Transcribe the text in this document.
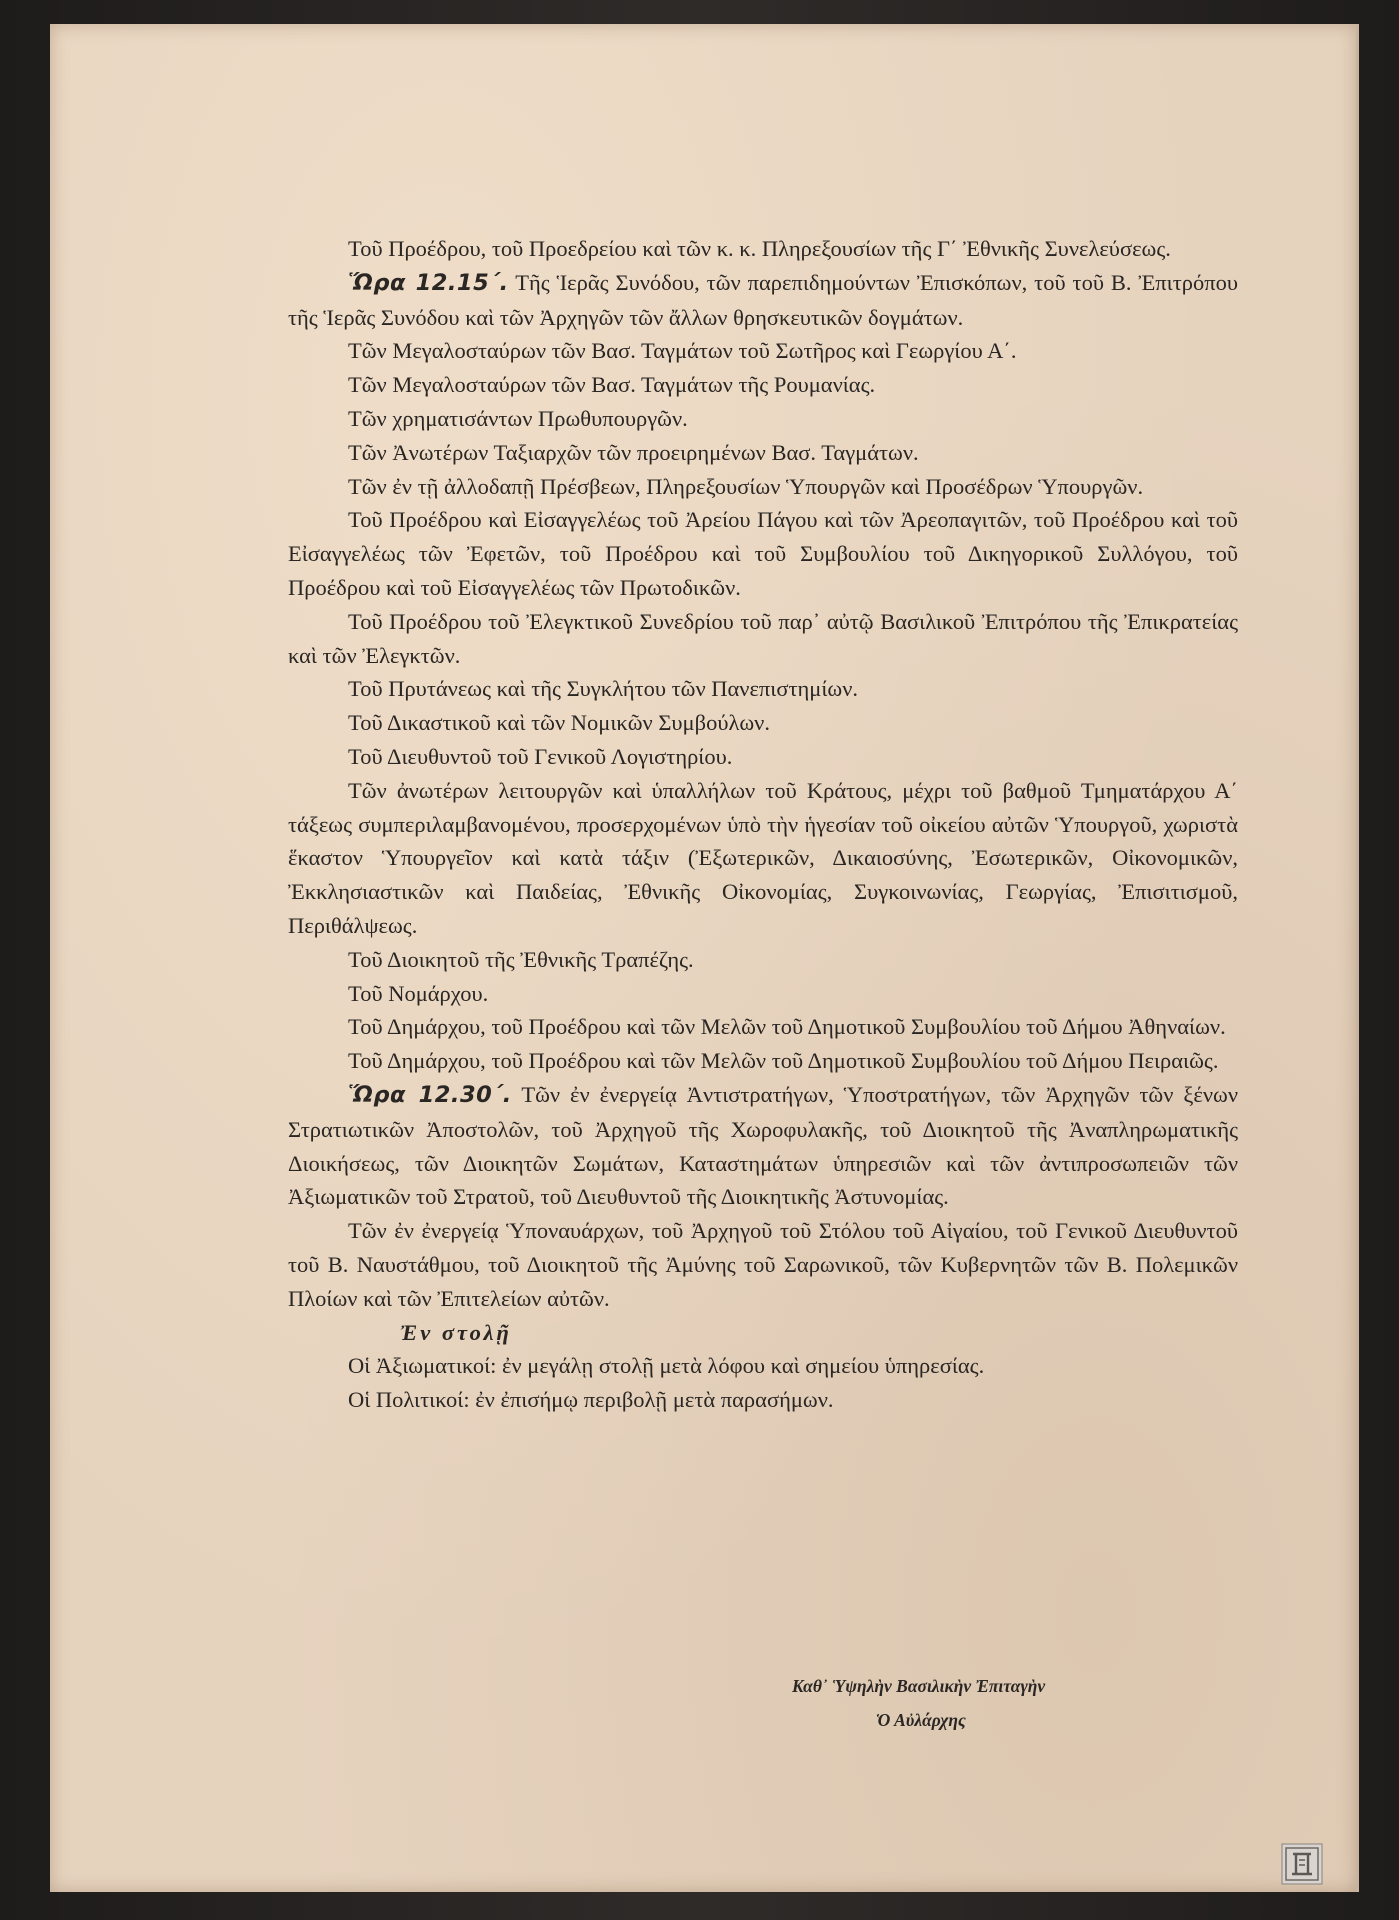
Τοῦ Προέδρου, τοῦ Προεδρείου καὶ τῶν κ. κ. Πληρεξουσίων τῆς Γ΄ Ἐθνικῆς Συνελεύσεως.

Ὥρα 12.15΄. Τῆς Ἱερᾶς Συνόδου, τῶν παρεπιδημούντων Ἐπισκόπων, τοῦ τοῦ Β. Ἐπιτρόπου τῆς Ἱερᾶς Συνόδου καὶ τῶν Ἀρχηγῶν τῶν ἄλλων θρησκευτικῶν δογμάτων.

Τῶν Μεγαλοσταύρων τῶν Βασ. Ταγμάτων τοῦ Σωτῆρος καὶ Γεωργίου Α΄.

Τῶν Μεγαλοσταύρων τῶν Βασ. Ταγμάτων τῆς Ρουμανίας.

Τῶν χρηματισάντων Πρωθυπουργῶν.

Τῶν Ἀνωτέρων Ταξιαρχῶν τῶν προειρημένων Βασ. Ταγμάτων.

Τῶν ἐν τῇ ἀλλοδαπῇ Πρέσβεων, Πληρεξουσίων Ὑπουργῶν καὶ Προσέδρων Ὑπουργῶν.

Τοῦ Προέδρου καὶ Εἰσαγγελέως τοῦ Ἀρείου Πάγου καὶ τῶν Ἀρεοπαγιτῶν, τοῦ Προέδρου καὶ τοῦ Εἰσαγγελέως τῶν Ἐφετῶν, τοῦ Προέδρου καὶ τοῦ Συμβουλίου τοῦ Δικηγορικοῦ Συλλόγου, τοῦ Προέδρου καὶ τοῦ Εἰσαγγελέως τῶν Πρωτοδικῶν.

Τοῦ Προέδρου τοῦ Ἐλεγκτικοῦ Συνεδρίου τοῦ παρ᾽ αὐτῷ Βασιλικοῦ Ἐπιτρόπου τῆς Ἐπικρατείας καὶ τῶν Ἐλεγκτῶν.

Τοῦ Πρυτάνεως καὶ τῆς Συγκλήτου τῶν Πανεπιστημίων.

Τοῦ Δικαστικοῦ καὶ τῶν Νομικῶν Συμβούλων.

Τοῦ Διευθυντοῦ τοῦ Γενικοῦ Λογιστηρίου.

Τῶν ἀνωτέρων λειτουργῶν καὶ ὑπαλλήλων τοῦ Κράτους, μέχρι τοῦ βαθμοῦ Τμηματάρχου Α΄ τάξεως συμπεριλαμβανομένου, προσερχομένων ὑπὸ τὴν ἡγεσίαν τοῦ οἰκείου αὐτῶν Ὑπουργοῦ, χωριστὰ ἕκαστον Ὑπουργεῖον καὶ κατὰ τάξιν (Ἐξωτερικῶν, Δικαιοσύνης, Ἐσωτερικῶν, Οἰκονομικῶν, Ἐκκλησιαστικῶν καὶ Παιδείας, Ἐθνικῆς Οἰκονομίας, Συγκοινωνίας, Γεωργίας, Ἐπισιτισμοῦ, Περιθάλψεως.

Τοῦ Διοικητοῦ τῆς Ἐθνικῆς Τραπέζης.

Τοῦ Νομάρχου.

Τοῦ Δημάρχου, τοῦ Προέδρου καὶ τῶν Μελῶν τοῦ Δημοτικοῦ Συμβουλίου τοῦ Δήμου Ἀθηναίων.

Τοῦ Δημάρχου, τοῦ Προέδρου καὶ τῶν Μελῶν τοῦ Δημοτικοῦ Συμβουλίου τοῦ Δήμου Πειραιῶς.

Ὥρα 12.30΄. Τῶν ἐν ἐνεργείᾳ Ἀντιστρατήγων, Ὑποστρατήγων, τῶν Ἀρχηγῶν τῶν ξένων Στρατιωτικῶν Ἀποστολῶν, τοῦ Ἀρχηγοῦ τῆς Χωροφυλακῆς, τοῦ Διοικητοῦ τῆς Ἀναπληρωματικῆς Διοικήσεως, τῶν Διοικητῶν Σωμάτων, Καταστημάτων ὑπηρεσιῶν καὶ τῶν ἀντιπροσωπειῶν τῶν Ἀξιωματικῶν τοῦ Στρατοῦ, τοῦ Διευθυντοῦ τῆς Διοικητικῆς Ἀστυνομίας.

Τῶν ἐν ἐνεργείᾳ Ὑποναυάρχων, τοῦ Ἀρχηγοῦ τοῦ Στόλου τοῦ Αἰγαίου, τοῦ Γενικοῦ Διευθυντοῦ τοῦ Β. Ναυστάθμου, τοῦ Διοικητοῦ τῆς Ἀμύνης τοῦ Σαρωνικοῦ, τῶν Κυβερνητῶν τῶν Β. Πολεμικῶν Πλοίων καὶ τῶν Ἐπιτελείων αὐτῶν.

Ἐν στολῇ

Οἱ Ἀξιωματικοί: ἐν μεγάλῃ στολῇ μετὰ λόφου καὶ σημείου ὑπηρεσίας.

Οἱ Πολιτικοί: ἐν ἐπισήμῳ περιβολῇ μετὰ παρασήμων.

Καθ᾽ Ὑψηλὴν Βασιλικὴν Ἐπιταγὴν
Ὁ Αὐλάρχης
